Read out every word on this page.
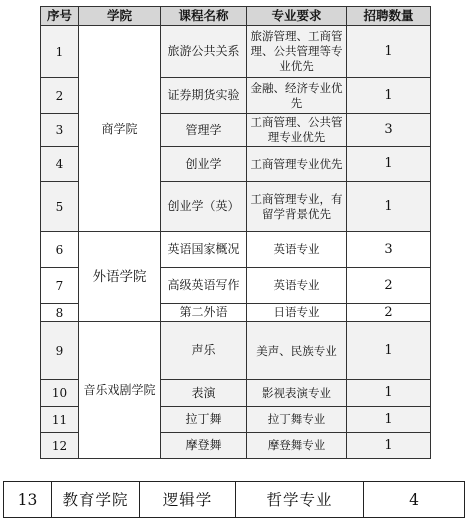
序号	学院	课程名称	专业要求	招聘数量
1	商学院	旅游公共关系	旅游管理、工商管理、公共管理等专业优先	1
2		证券期货实验	金融、经济专业优先	1
3		管理学	工商管理、公共管理专业优先	3
4		创业学	工商管理专业优先	1
5		创业学（英）	工商管理专业，有留学背景优先	1
6	外语学院	英语国家概况	英语专业	3
7		高级英语写作	英语专业	2
8		第二外语	日语专业	2
9	音乐戏剧学院	声乐	美声、民族专业	1
10		表演	影视表演专业	1
11		拉丁舞	拉丁舞专业	1
12		摩登舞	摩登舞专业	1
13	教育学院	逻辑学	哲学专业	4
